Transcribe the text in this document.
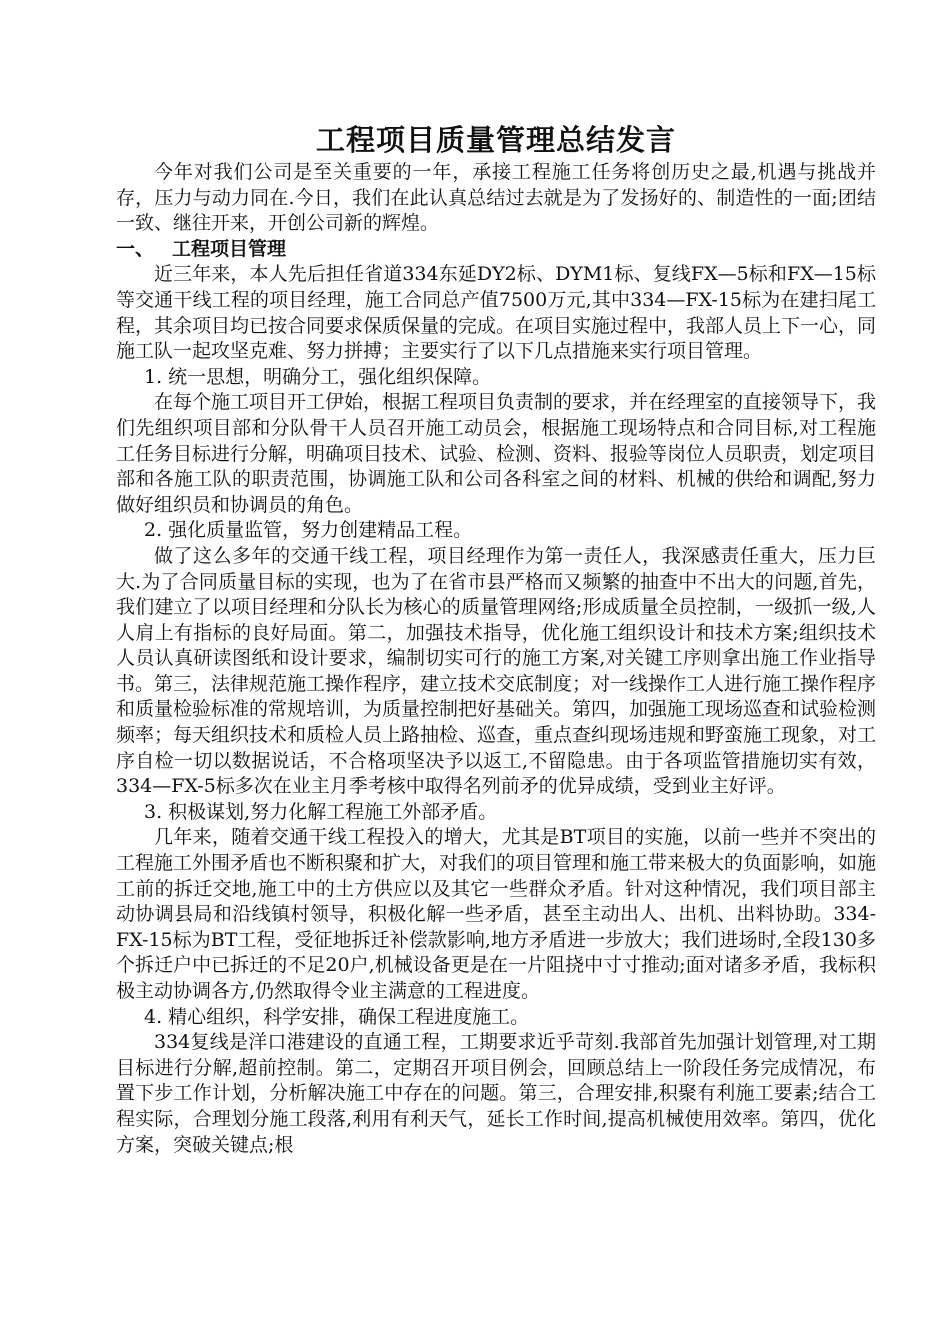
工程项目质量管理总结发言

今年对我们公司是至关重要的一年，承接工程施工任务将创历史之最,机遇与挑战并存，压力与动力同在.今日，我们在此认真总结过去就是为了发扬好的、制造性的一面;团结一致、继往开来，开创公司新的辉煌。

一、 工程项目管理

近三年来，本人先后担任省道334东延DY2标、DYM1标、复线FX—5标和FX—15标等交通干线工程的项目经理，施工合同总产值7500万元,其中334—FX-15标为在建扫尾工程，其余项目均已按合同要求保质保量的完成。在项目实施过程中，我部人员上下一心，同施工队一起攻坚克难、努力拼搏；主要实行了以下几点措施来实行项目管理。

1. 统一思想，明确分工，强化组织保障。

在每个施工项目开工伊始，根据工程项目负责制的要求，并在经理室的直接领导下，我们先组织项目部和分队骨干人员召开施工动员会，根据施工现场特点和合同目标,对工程施工任务目标进行分解，明确项目技术、试验、检测、资料、报验等岗位人员职责，划定项目部和各施工队的职责范围，协调施工队和公司各科室之间的材料、机械的供给和调配,努力做好组织员和协调员的角色。

2. 强化质量监管，努力创建精品工程。

做了这么多年的交通干线工程，项目经理作为第一责任人，我深感责任重大，压力巨大.为了合同质量目标的实现，也为了在省市县严格而又频繁的抽查中不出大的问题,首先，我们建立了以项目经理和分队长为核心的质量管理网络;形成质量全员控制，一级抓一级,人人肩上有指标的良好局面。第二，加强技术指导，优化施工组织设计和技术方案;组织技术人员认真研读图纸和设计要求，编制切实可行的施工方案,对关键工序则拿出施工作业指导书。第三，法律规范施工操作程序，建立技术交底制度；对一线操作工人进行施工操作程序和质量检验标准的常规培训，为质量控制把好基础关。第四，加强施工现场巡查和试验检测频率；每天组织技术和质检人员上路抽检、巡查，重点查纠现场违规和野蛮施工现象，对工序自检一切以数据说话，不合格项坚决予以返工,不留隐患。由于各项监管措施切实有效，334—FX-5标多次在业主月季考核中取得名列前矛的优异成绩，受到业主好评。

3. 积极谋划,努力化解工程施工外部矛盾。

几年来，随着交通干线工程投入的增大，尤其是BT项目的实施，以前一些并不突出的工程施工外围矛盾也不断积聚和扩大，对我们的项目管理和施工带来极大的负面影响，如施工前的拆迁交地,施工中的土方供应以及其它一些群众矛盾。针对这种情况，我们项目部主动协调县局和沿线镇村领导，积极化解一些矛盾，甚至主动出人、出机、出料协助。334-FX-15标为BT工程，受征地拆迁补偿款影响,地方矛盾进一步放大；我们进场时,全段130多个拆迁户中已拆迁的不足20户,机械设备更是在一片阻挠中寸寸推动;面对诸多矛盾，我标积极主动协调各方,仍然取得令业主满意的工程进度。

4. 精心组织，科学安排，确保工程进度施工。

334复线是洋口港建设的直通工程，工期要求近乎苛刻.我部首先加强计划管理,对工期目标进行分解,超前控制。第二，定期召开项目例会，回顾总结上一阶段任务完成情况，布置下步工作计划，分析解决施工中存在的问题。第三，合理安排,积聚有利施工要素;结合工程实际，合理划分施工段落,利用有利天气，延长工作时间,提高机械使用效率。第四，优化方案，突破关键点;根
